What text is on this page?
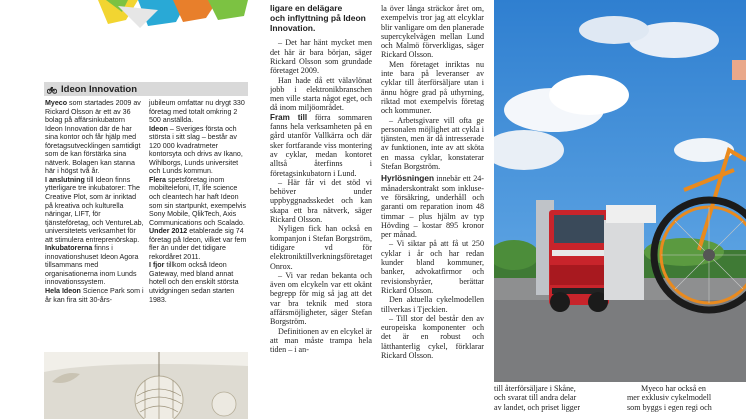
Ideon Innovation
Myeco som startades 2009 av Rickard Olsson är ett av 36 bolag på affärsinkubatorn Ideon Innovation där de har sina kontor och får hjälp med företagsutvecklingen samtidigt som de kan förstärka sina nätverk. Bolagen kan stanna här i högst två år.
I anslutning till Ideon finns ytterligare tre inkubatorer: The Creative Plot, som är inriktad på kreativa och kulturella näringar, LIFT, för tjänsteföretag, och VentureLab, universitetets verksamhet för att stimulera entreprenörskap.
Inkubatorerna finns i innovationshuset Ideon Agora tillsammans med organisationerna inom Lunds innovationssystem.
Hela Ideon Science Park som i år kan fira sitt 30-års-
jubileum omfattar nu drygt 330 företag med totalt omkring 2 500 anställda.
Ideon – Sveriges första och största i sitt slag – består av 120 000 kvadratmeter kontorsyta och drivs av Ikano, Wihlborgs, Lunds universitet och Lunds kommun.
Flera spetsföretag inom mobiltelefoni, IT, life science och cleantech har haft Ideon som sin startpunkt, exempelvis Sony Mobile, QlikTech, Axis Communications och Scalado.
Under 2012 etablerade sig 74 företag på Ideon, vilket var fem fler än under det tidigare rekordåret 2011.
I fjor tillkom också Ideon Gateway, med bland annat hotell och den enskilt största utvidgningen sedan starten 1983.
ligare en delägare
och inflyttning på Ideon
Innovation.

– Det har hänt mycket men det här är bara början, säger Rickard Olsson som grundade företaget 2009.

Han hade då ett välavlönat jobb i elektronikbranschen men ville starta något eget, och då inom miljöområdet.

Fram till förra sommaren fanns hela verksamheten på en gård utanför Vallkärra och där sker fortfarande viss montering av cyklar, medan kontoret alltså återfinns i företagsinkubatorn i Lund.

– Här får vi det stöd vi behöver under uppbyggnadsskedet och kan skapa ett bra nätverk, säger Rickard Olsson.

Nyligen fick han också en kompanjon i Stefan Borgström, tidigare vd för elektroniktillverkningsföretaget Onrox.

– Vi var redan bekanta och även om elcykeln var ett okänt begrepp för mig så jag att det var bra teknik med stora affärsmöjligheter, säger Stefan Borgström.

Definitionen av en elcykel är att man måste trampa hela tiden – i an-

la över långa sträckor året om, exempelvis tror jag att elcyklar blir vanligare om den planerade supercykelvägen mellan Lund och Malmö förverkligas, säger Rickard Olsson.

Men företaget inriktas nu inte bara på leveranser av cyklar till återförsäljare utan i ännu högre grad på uthyrning, riktad mot exempelvis företag och kommuner.

– Arbetsgivare vill ofta ge personalen möjlighet att cykla i tjänsten, men är då intresserade av funktionen, inte av att sköta en massa cyklar, konstaterar Stefan Borgström.

Hyrlösningen innebär ett 24-månaderskontrakt som inkluseve försäkring, underhåll och garanti om reparation inom 48 timmar – plus hjälm av typ Hövding – kostar 895 kronor per månad.

– Vi siktar på att få ut 250 cyklar i år och har redan kunder bland kommuner, banker, advokatfirmor och revisionsbyråer, berättar Rickard Olsson.

Den aktuella cykelmodellen tillverkas i Tjeckien.

– Till stor del består den av europeiska komponenter och det är en robust och lätthanterlig cykel, förklarar Rickard Olsson.

till återförsäljare i Skåne,
och svarat till andra delar
av landet, och priset ligger
Myeco har också en
mer exklusiv cykelmodell
som byggs i egen regi och
